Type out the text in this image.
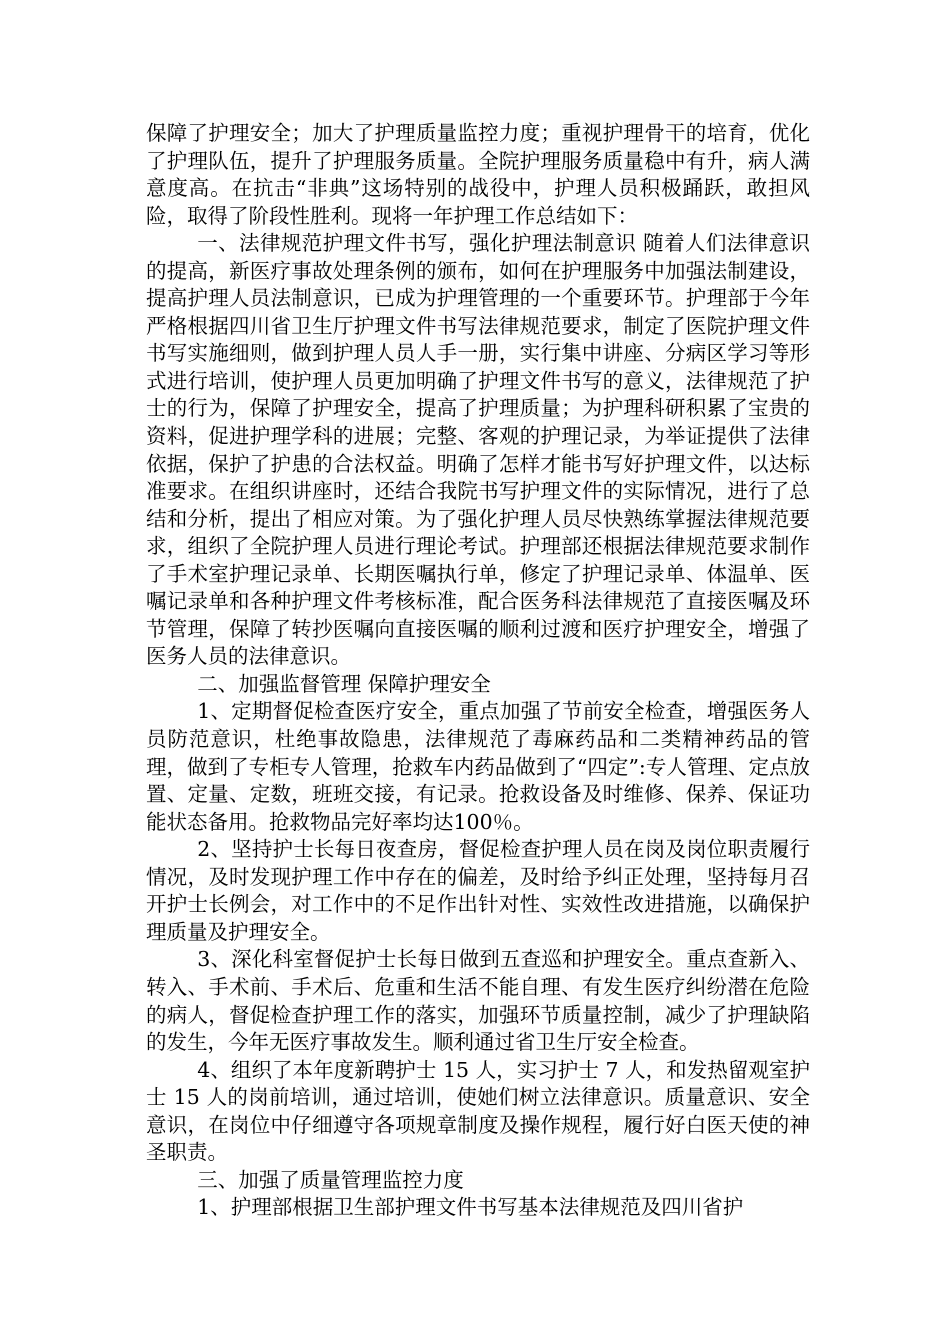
保障了护理安全；加大了护理质量监控力度；重视护理骨干的培育，优化了护理队伍，提升了护理服务质量。全院护理服务质量稳中有升，病人满意度高。在抗击“非典”这场特别的战役中，护理人员积极踊跃，敢担风险，取得了阶段性胜利。现将一年护理工作总结如下：

一、法律规范护理文件书写，强化护理法制意识 随着人们法律意识的提高，新医疗事故处理条例的颁布，如何在护理服务中加强法制建设，提高护理人员法制意识，已成为护理管理的一个重要环节。护理部于今年严格根据四川省卫生厅护理文件书写法律规范要求，制定了医院护理文件书写实施细则，做到护理人员人手一册，实行集中讲座、分病区学习等形式进行培训，使护理人员更加明确了护理文件书写的意义，法律规范了护士的行为，保障了护理安全，提高了护理质量；为护理科研积累了宝贵的资料，促进护理学科的进展；完整、客观的护理记录，为举证提供了法律依据，保护了护患的合法权益。明确了怎样才能书写好护理文件，以达标准要求。在组织讲座时，还结合我院书写护理文件的实际情况，进行了总结和分析，提出了相应对策。为了强化护理人员尽快熟练掌握法律规范要求，组织了全院护理人员进行理论考试。护理部还根据法律规范要求制作了手术室护理记录单、长期医嘱执行单，修定了护理记录单、体温单、医嘱记录单和各种护理文件考核标准，配合医务科法律规范了直接医嘱及环节管理，保障了转抄医嘱向直接医嘱的顺利过渡和医疗护理安全，增强了医务人员的法律意识。

二、加强监督管理 保障护理安全

1、定期督促检查医疗安全，重点加强了节前安全检查，增强医务人员防范意识，杜绝事故隐患，法律规范了毒麻药品和二类精神药品的管理，做到了专柜专人管理，抢救车内药品做到了“四定”:专人管理、定点放置、定量、定数，班班交接，有记录。抢救设备及时维修、保养、保证功能状态备用。抢救物品完好率均达100％。

2、坚持护士长每日夜查房，督促检查护理人员在岗及岗位职责履行情况，及时发现护理工作中存在的偏差，及时给予纠正处理，坚持每月召开护士长例会，对工作中的不足作出针对性、实效性改进措施，以确保护理质量及护理安全。

3、深化科室督促护士长每日做到五查巡和护理安全。重点查新入、转入、手术前、手术后、危重和生活不能自理、有发生医疗纠纷潜在危险的病人，督促检查护理工作的落实，加强环节质量控制，减少了护理缺陷的发生，今年无医疗事故发生。顺利通过省卫生厅安全检查。

4、组织了本年度新聘护士 15 人，实习护士 7 人，和发热留观室护士 15 人的岗前培训，通过培训，使她们树立法律意识。质量意识、安全意识，在岗位中仔细遵守各项规章制度及操作规程，履行好白医天使的神圣职责。

三、加强了质量管理监控力度

1、护理部根据卫生部护理文件书写基本法律规范及四川省护
